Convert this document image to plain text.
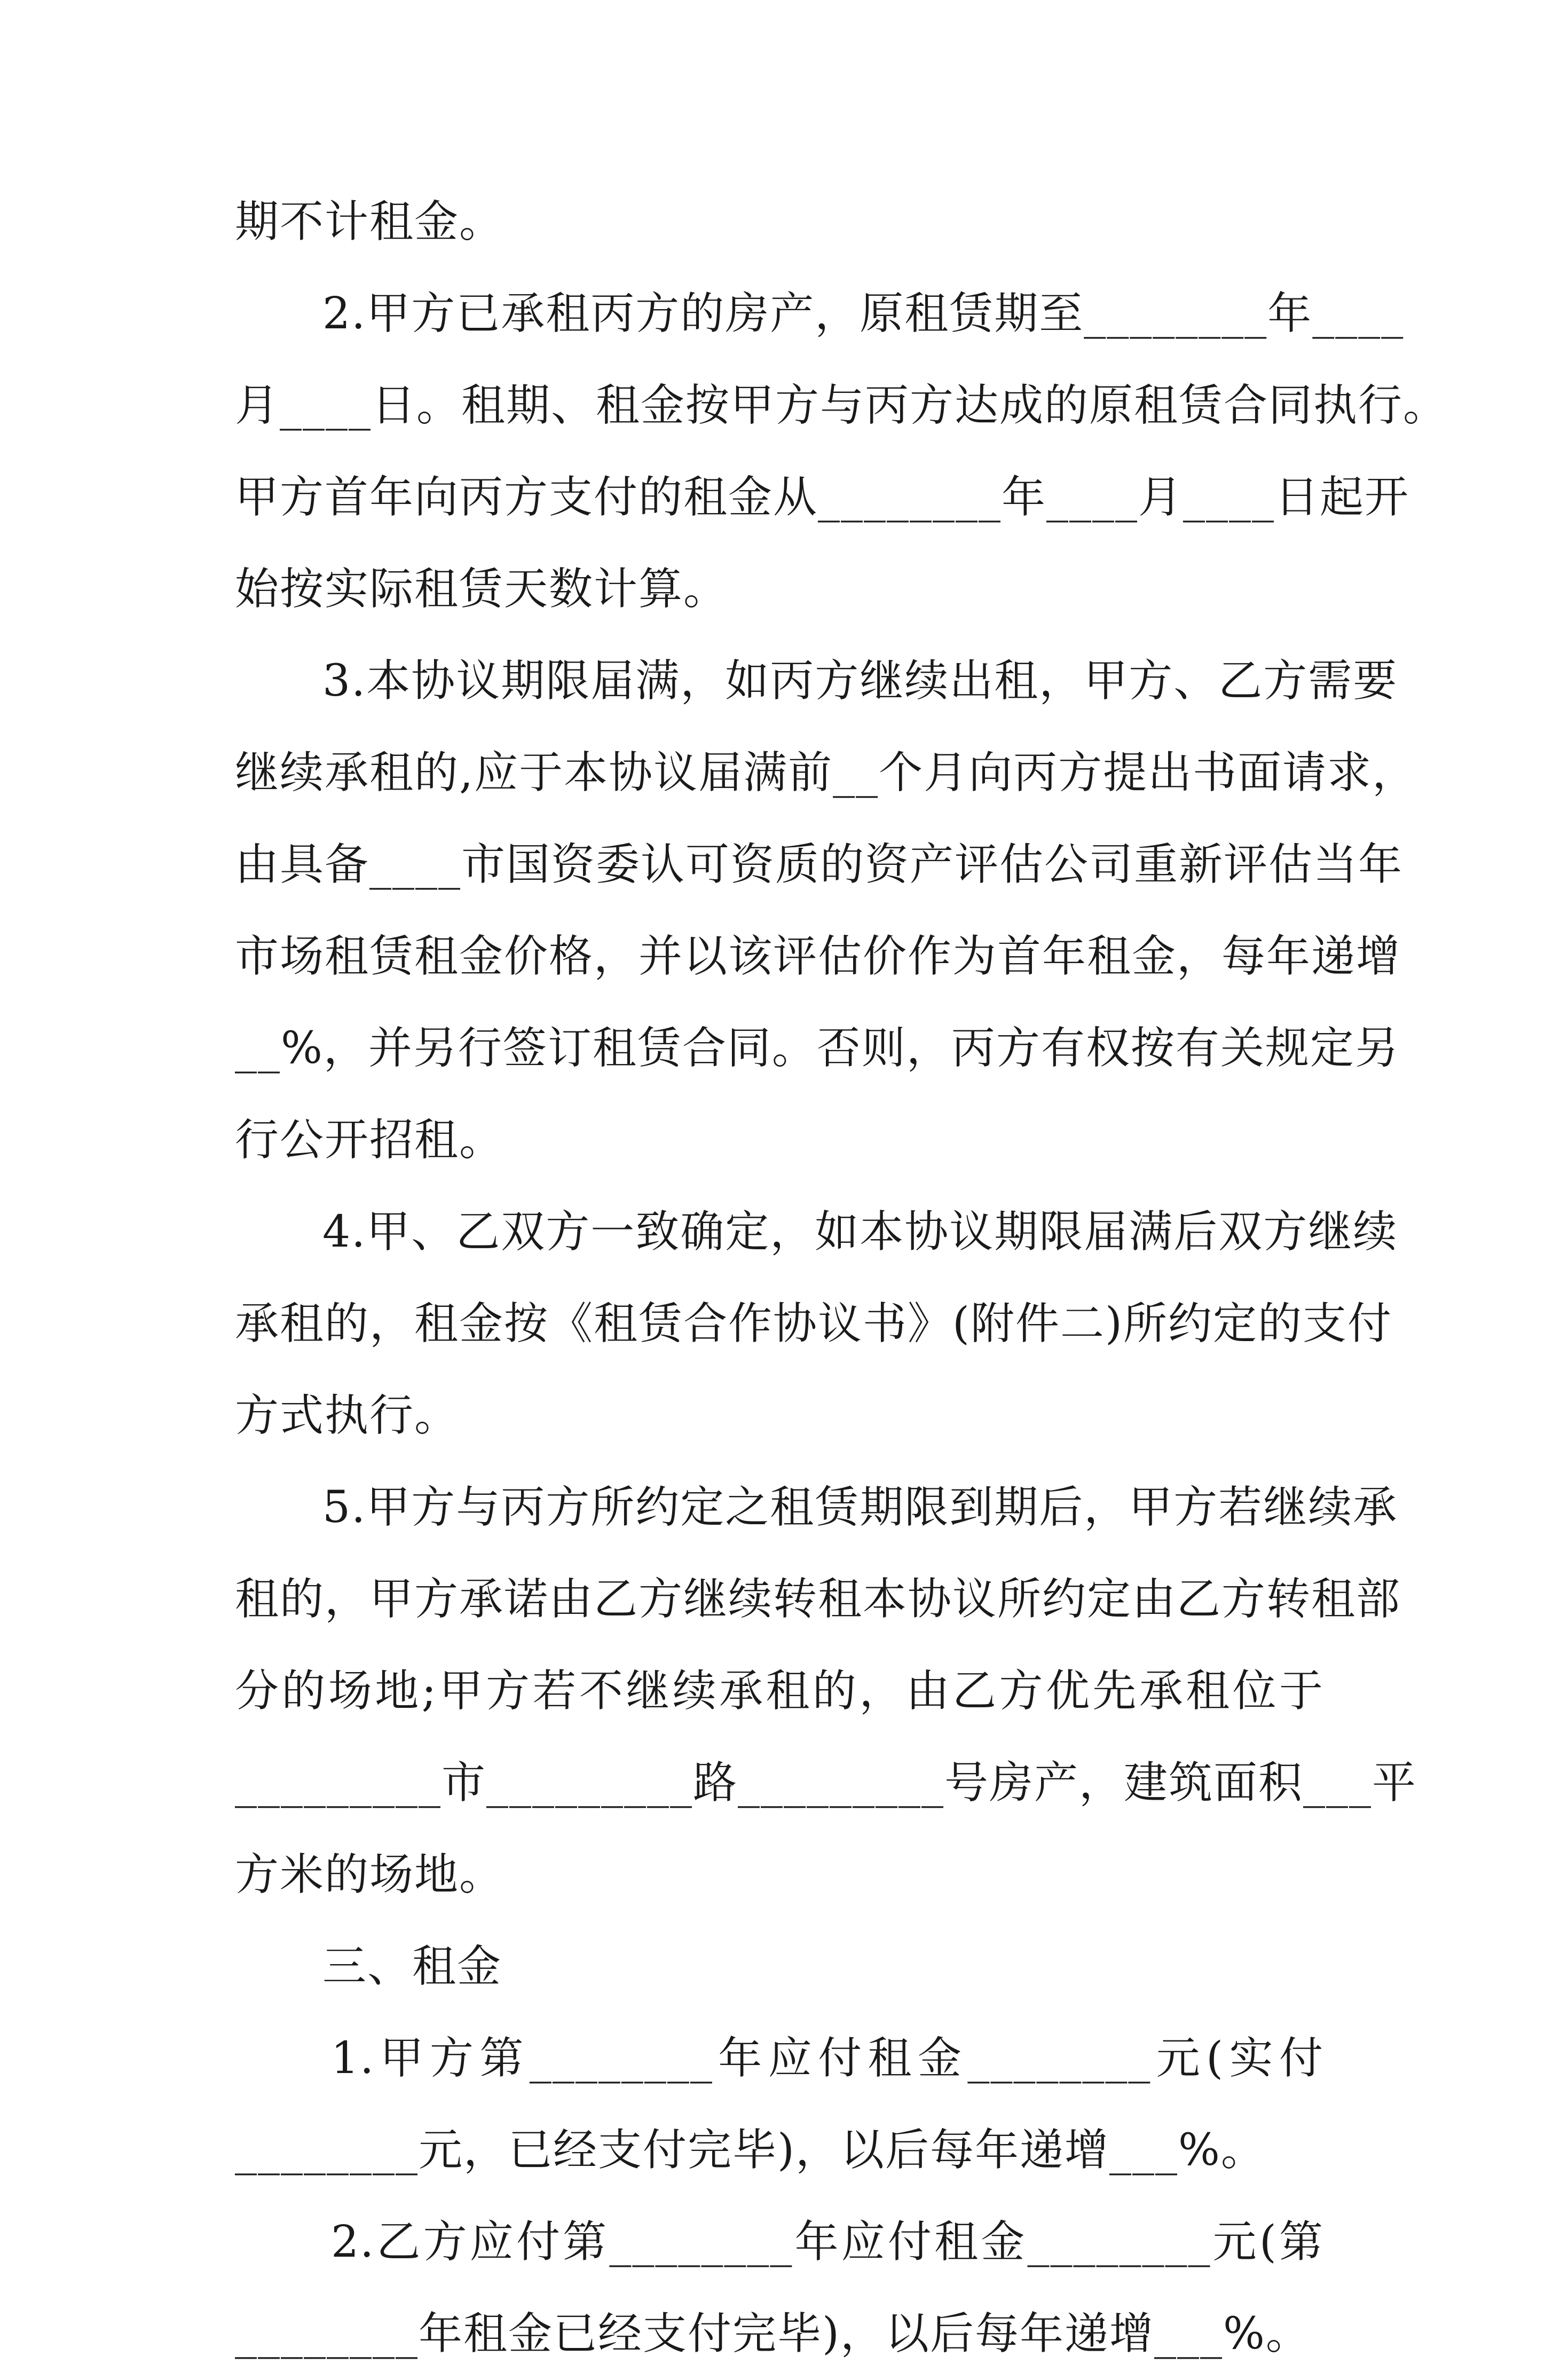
期不计租金。
2.甲方已承租丙方的房产，原租赁期至________年____
月____日。租期、租金按甲方与丙方达成的原租赁合同执行。
甲方首年向丙方支付的租金从________年____月____日起开
始按实际租赁天数计算。
3.本协议期限届满，如丙方继续出租，甲方、乙方需要
继续承租的,应于本协议届满前__个月向丙方提出书面请求，
由具备____市国资委认可资质的资产评估公司重新评估当年
市场租赁租金价格，并以该评估价作为首年租金，每年递增
__%，并另行签订租赁合同。否则，丙方有权按有关规定另
行公开招租。
4.甲、乙双方一致确定，如本协议期限届满后双方继续
承租的，租金按《租赁合作协议书》(附件二)所约定的支付
方式执行。
5.甲方与丙方所约定之租赁期限到期后，甲方若继续承
租的，甲方承诺由乙方继续转租本协议所约定由乙方转租部
分的场地;甲方若不继续承租的，由乙方优先承租位于
_________市_________路_________号房产，建筑面积___平
方米的场地。
三、租金
1.甲方第________年应付租金________元(实付
________元，已经支付完毕)，以后每年递增___%。
2.乙方应付第________年应付租金________元(第
________年租金已经支付完毕)，以后每年递增___%。
